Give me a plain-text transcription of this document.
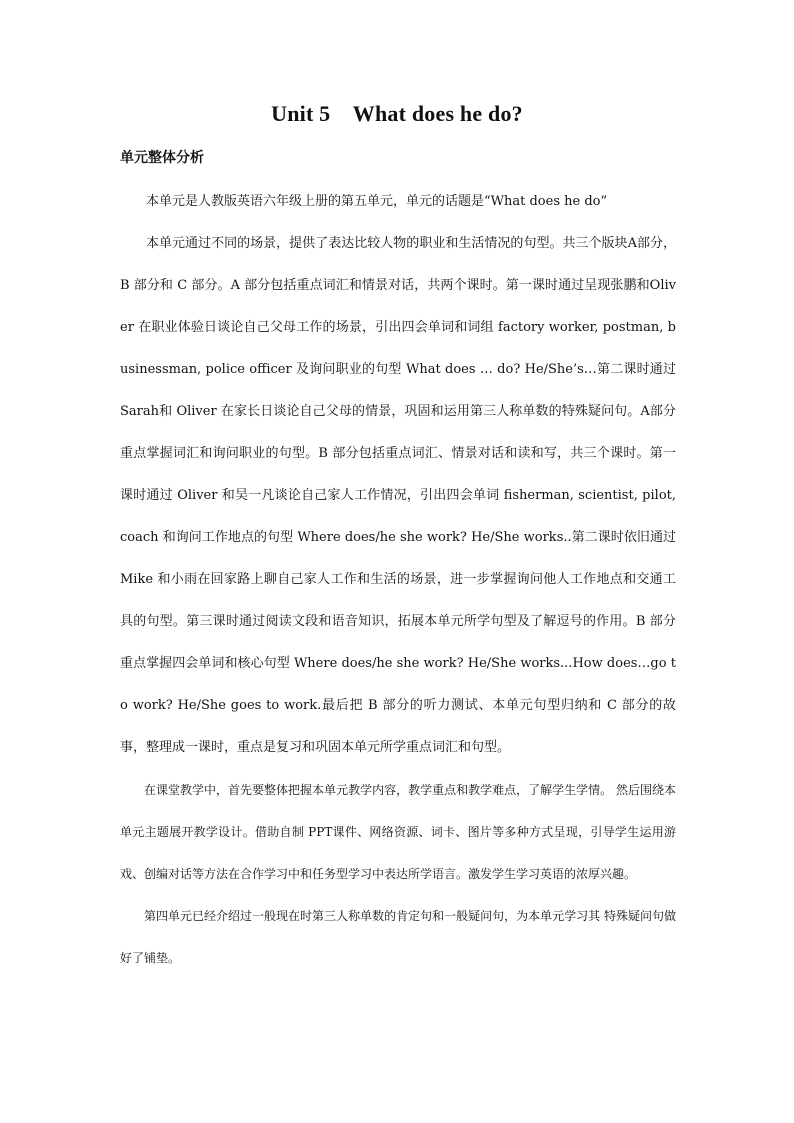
Unit 5    What does he do?
单元整体分析

本单元是人教版英语六年级上册的第五单元，单元的话题是“What does he do”

本单元通过不同的场景，提供了表达比较人物的职业和生活情况的句型。共三个版块A部分，B 部分和 C 部分。A 部分包括重点词汇和情景对话，共两个课时。第一课时通过呈现张鹏和Oliver 在职业体验日谈论自己父母工作的场景，引出四会单词和词组 factory worker, postman, businessman, police officer 及询问职业的句型 What does … do? He/She’s…第二课时通过Sarah和 Oliver 在家长日谈论自己父母的情景，巩固和运用第三人称单数的特殊疑问句。A部分重点掌握词汇和询问职业的句型。B 部分包括重点词汇、情景对话和读和写，共三个课时。第一课时通过 Oliver 和吴一凡谈论自己家人工作情况，引出四会单词 fisherman, scientist, pilot, coach 和询问工作地点的句型 Where does/he she work? He/She works..第二课时依旧通过 Mike 和小雨在回家路上聊自己家人工作和生活的场景，进一步掌握询问他人工作地点和交通工具的句型。第三课时通过阅读文段和语音知识，拓展本单元所学句型及了解逗号的作用。B 部分重点掌握四会单词和核心句型 Where does/he she work? He/She works...How does…go to work? He/She goes to work.最后把 B 部分的听力测试、本单元句型归纳和 C 部分的故事，整理成一课时，重点是复习和巩固本单元所学重点词汇和句型。

在课堂教学中，首先要整体把握本单元教学内容，教学重点和教学难点，了解学生学情。 然后围绕本单元主题展开教学设计。借助自制 PPT课件、网络资源、词卡、图片等多种方式呈现，引导学生运用游戏、创编对话等方法在合作学习中和任务型学习中表达所学语言。激发学生学习英语的浓厚兴趣。

第四单元已经介绍过一般现在时第三人称单数的肯定句和一般疑问句，为本单元学习其 特殊疑问句做好了铺垫。
